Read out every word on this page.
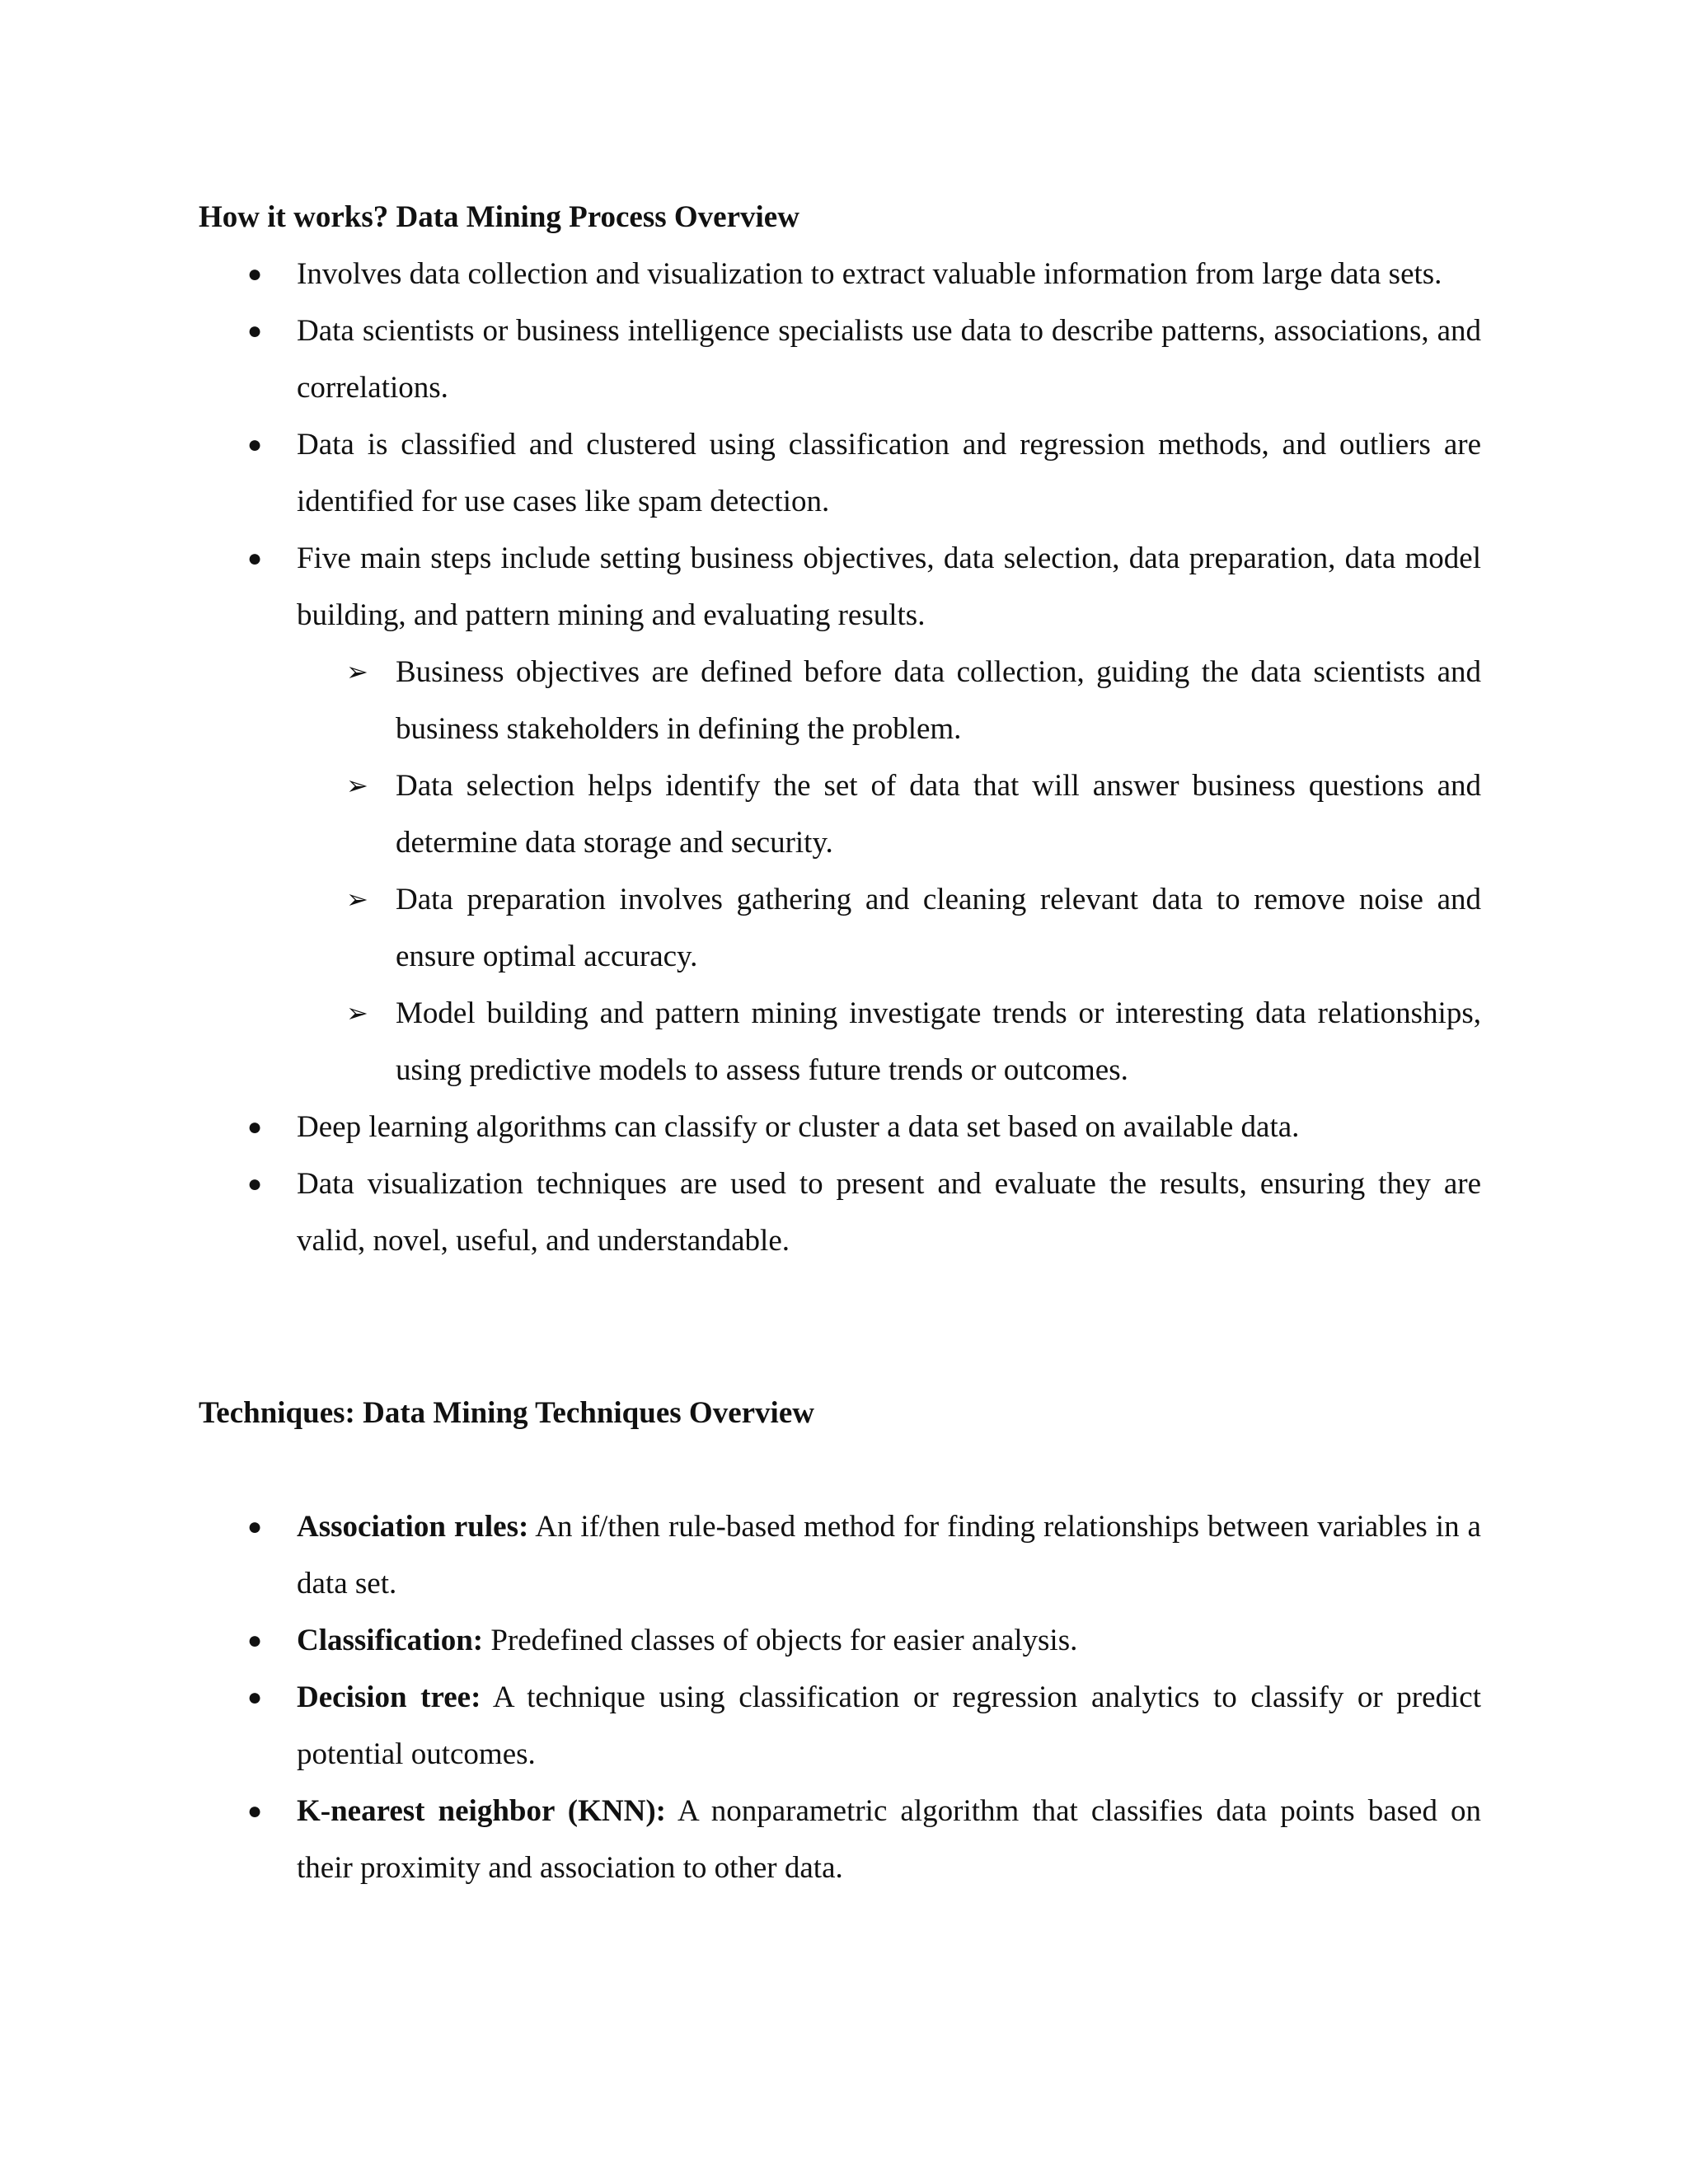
How it works? Data Mining Process Overview
● Involves data collection and visualization to extract valuable information from large data sets.
● Data scientists or business intelligence specialists use data to describe patterns, associations, and correlations.
● Data is classified and clustered using classification and regression methods, and outliers are identified for use cases like spam detection.
● Five main steps include setting business objectives, data selection, data preparation, data model building, and pattern mining and evaluating results.
➢ Business objectives are defined before data collection, guiding the data scientists and business stakeholders in defining the problem.
➢ Data selection helps identify the set of data that will answer business questions and determine data storage and security.
➢ Data preparation involves gathering and cleaning relevant data to remove noise and ensure optimal accuracy.
➢ Model building and pattern mining investigate trends or interesting data relationships, using predictive models to assess future trends or outcomes.
● Deep learning algorithms can classify or cluster a data set based on available data.
● Data visualization techniques are used to present and evaluate the results, ensuring they are valid, novel, useful, and understandable.
Techniques: Data Mining Techniques Overview
● Association rules: An if/then rule-based method for finding relationships between variables in a data set.
● Classification: Predefined classes of objects for easier analysis.
● Decision tree: A technique using classification or regression analytics to classify or predict potential outcomes.
● K-nearest neighbor (KNN): A nonparametric algorithm that classifies data points based on their proximity and association to other data.
